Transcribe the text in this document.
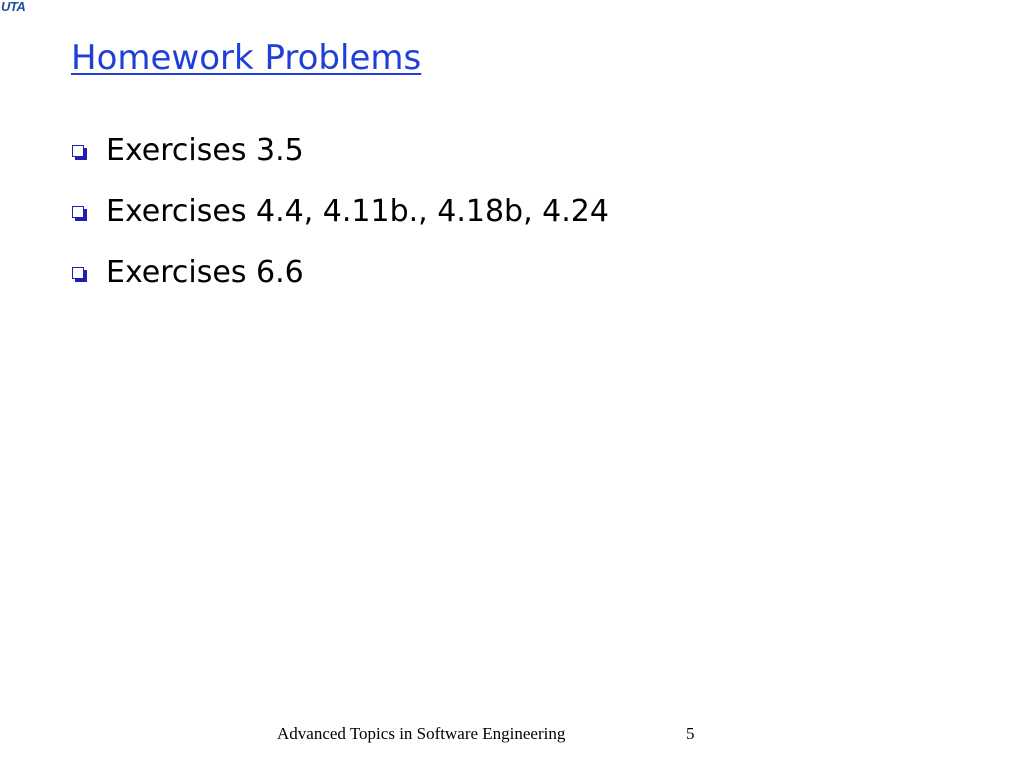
UTA
Homework Problems
Exercises 3.5
Exercises 4.4, 4.11b., 4.18b, 4.24
Exercises 6.6
Advanced Topics in Software Engineering	5
